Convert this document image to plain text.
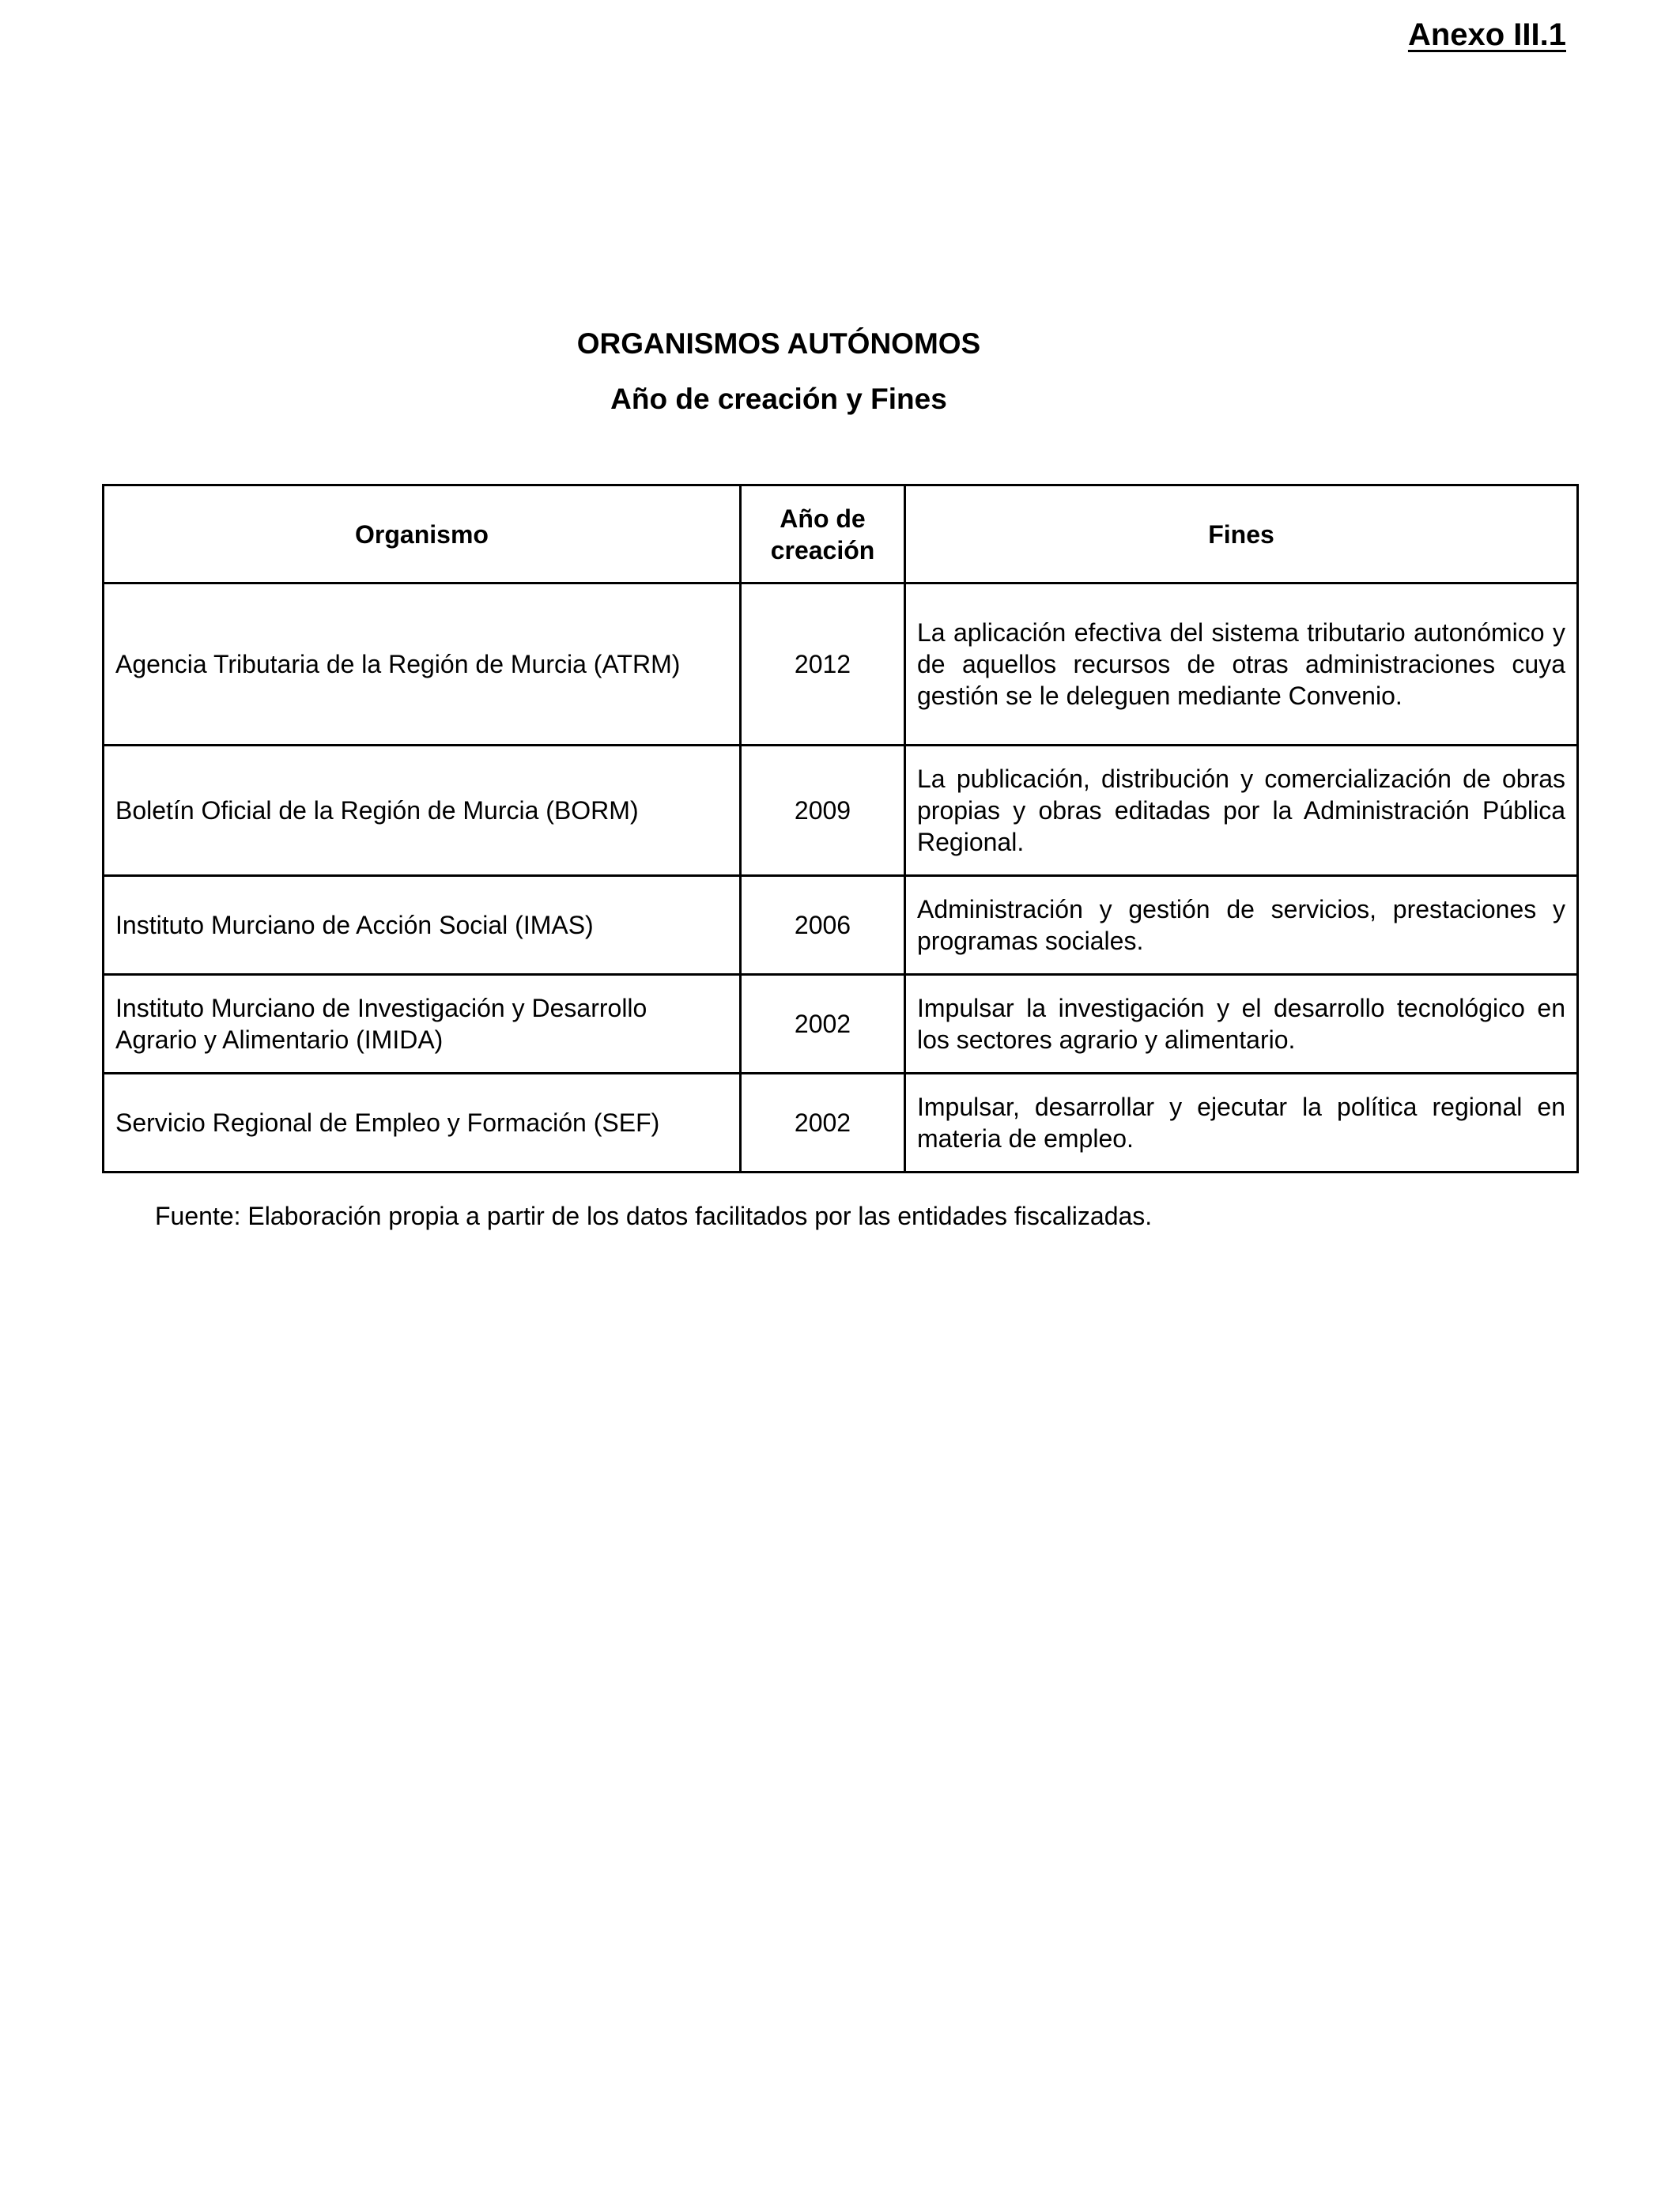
Anexo III.1

ORGANISMOS AUTÓNOMOS

Año de creación y Fines

Organismo	Año de creación	Fines
Agencia Tributaria de la Región de Murcia (ATRM)	2012	La aplicación efectiva del sistema tributario autonómico y de aquellos recursos de otras administraciones cuya gestión se le deleguen mediante Convenio.
Boletín Oficial de la Región de Murcia (BORM)	2009	La publicación, distribución y comercialización de obras propias y obras editadas por la Administración Pública Regional.
Instituto Murciano de Acción Social (IMAS)	2006	Administración y gestión de servicios, prestaciones y programas sociales.
Instituto Murciano de Investigación y Desarrollo Agrario y Alimentario (IMIDA)	2002	Impulsar la investigación y el desarrollo tecnológico en los sectores agrario y alimentario.
Servicio Regional de Empleo y Formación (SEF)	2002	Impulsar, desarrollar y ejecutar la política regional en materia de empleo.

Fuente: Elaboración propia a partir de los datos facilitados por las entidades fiscalizadas.
